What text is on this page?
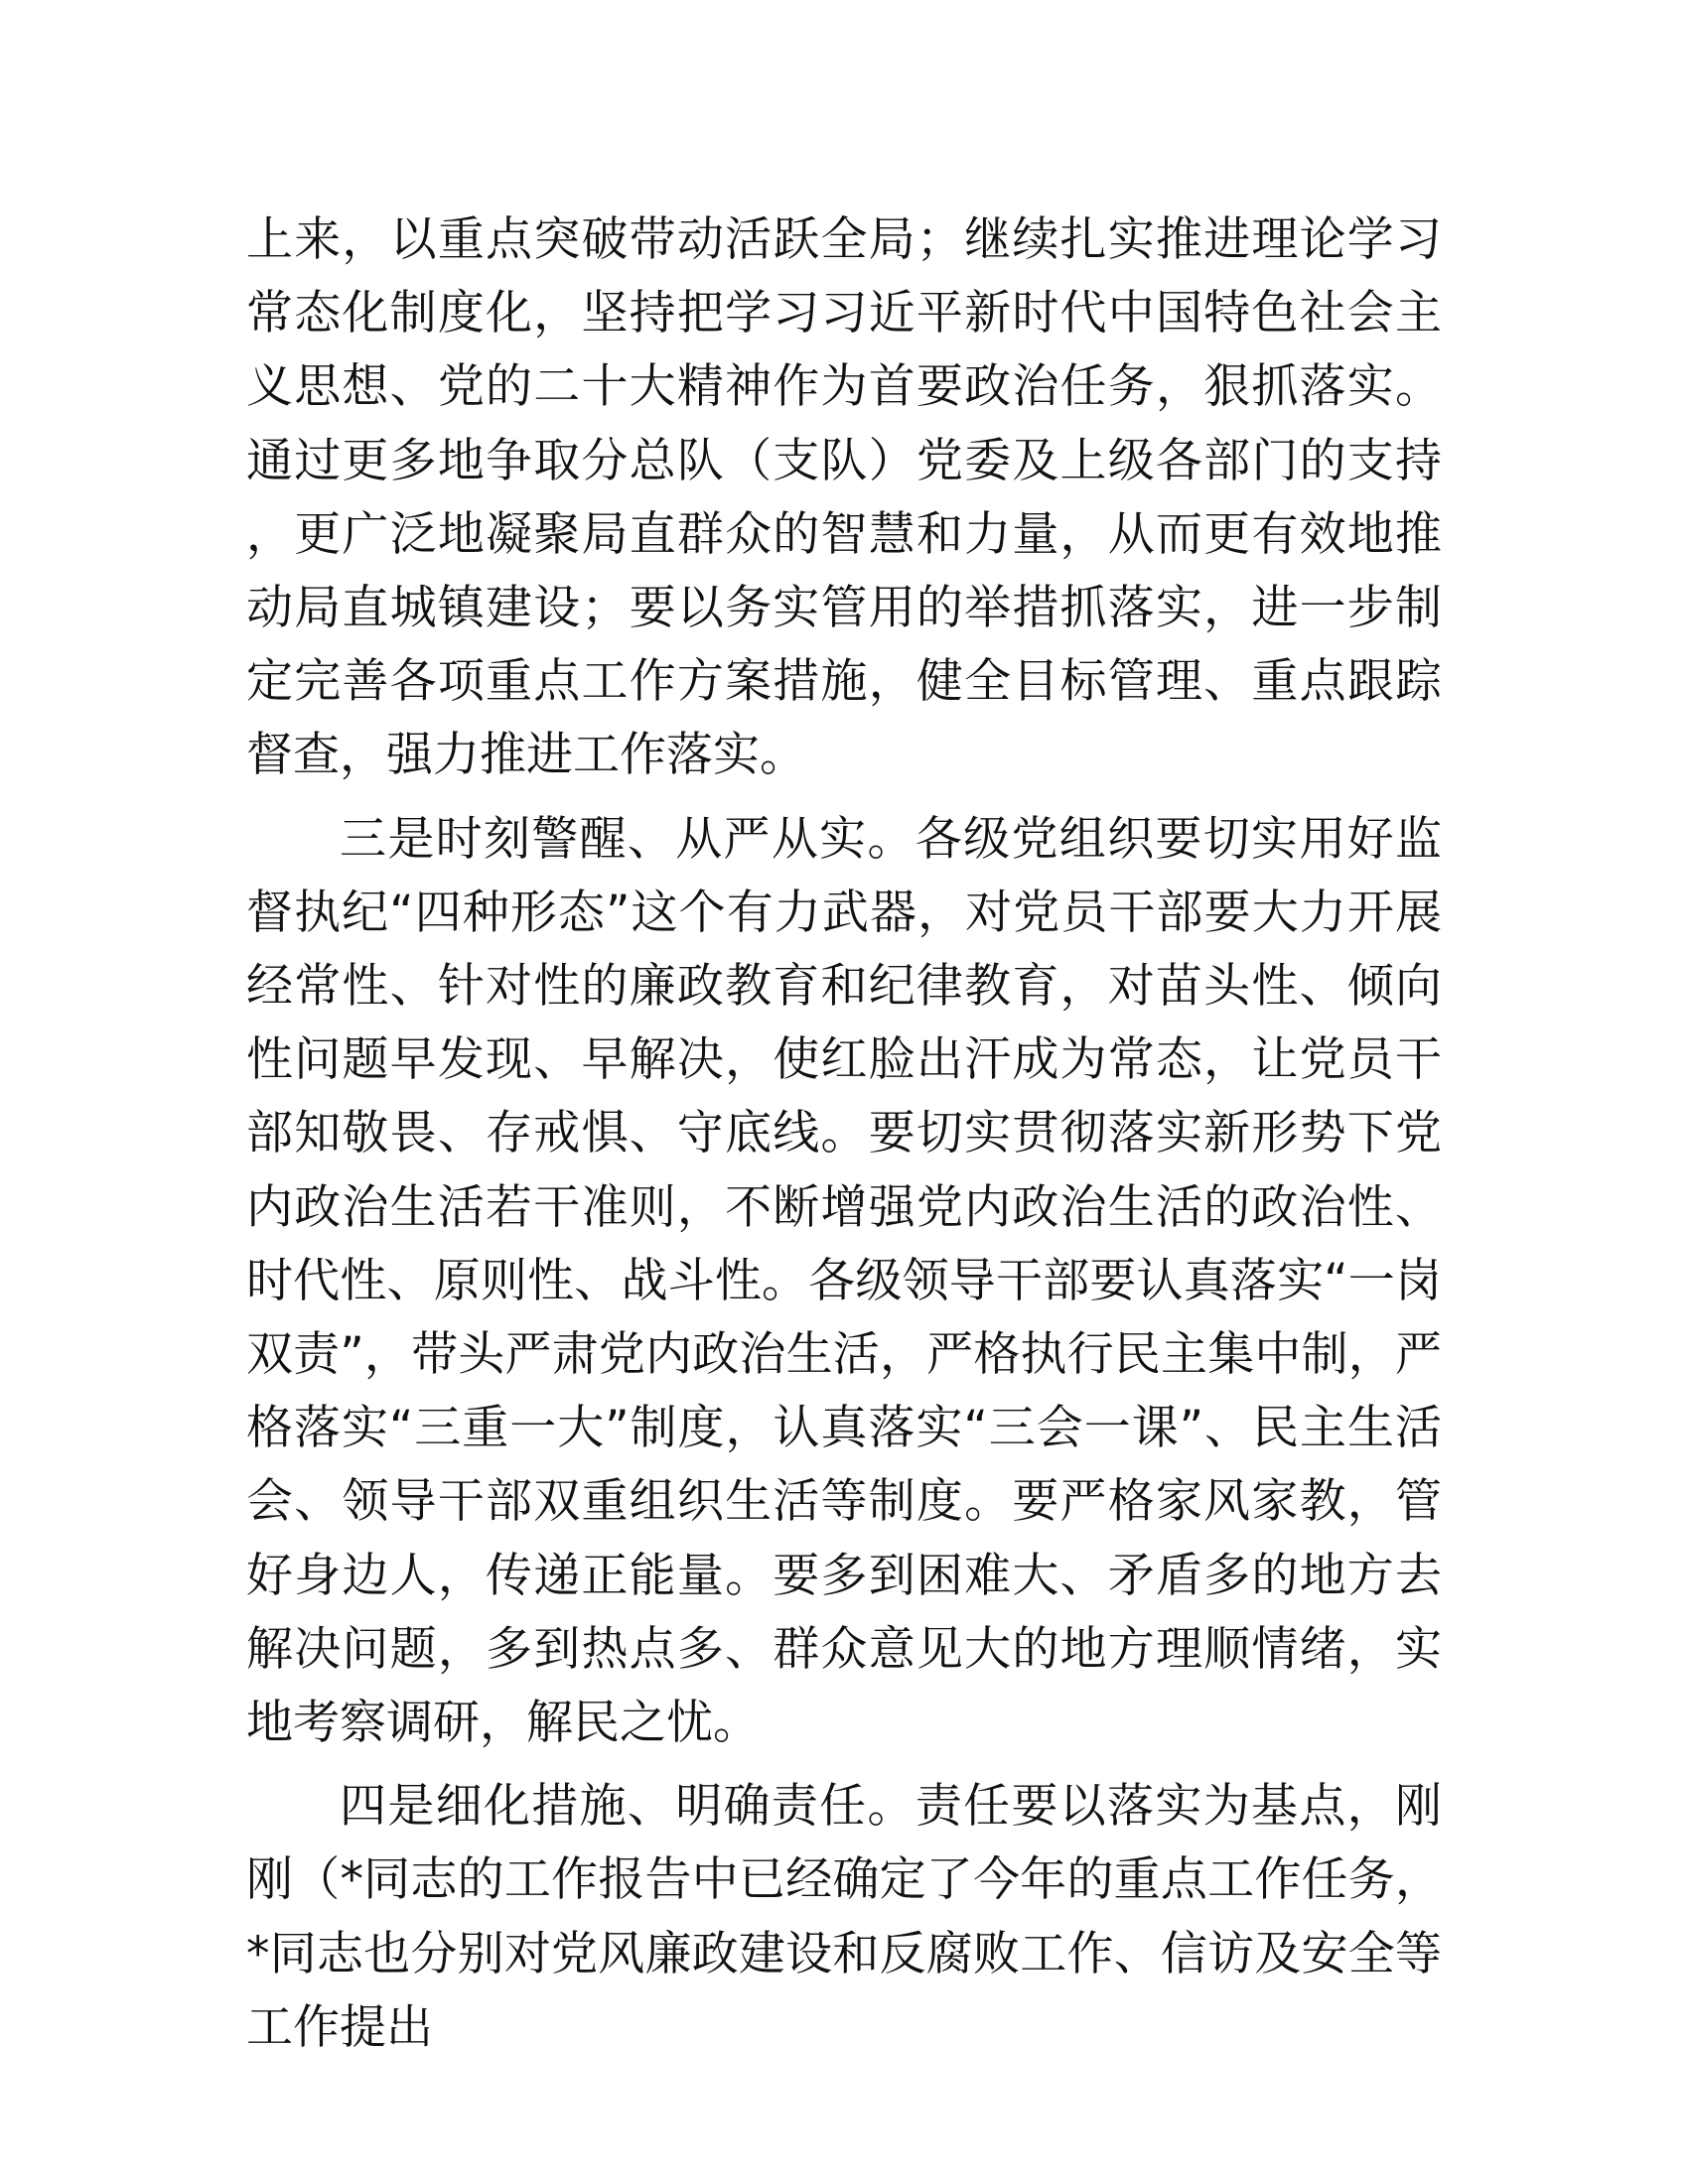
上来，以重点突破带动活跃全局；继续扎实推进理论学习常态化制度化，坚持把学习习近平新时代中国特色社会主义思想、党的二十大精神作为首要政治任务，狠抓落实。通过更多地争取分总队（支队）党委及上级各部门的支持，更广泛地凝聚局直群众的智慧和力量，从而更有效地推动局直城镇建设；要以务实管用的举措抓落实，进一步制定完善各项重点工作方案措施，健全目标管理、重点跟踪督查，强力推进工作落实。

三是时刻警醒、从严从实。各级党组织要切实用好监督执纪“四种形态”这个有力武器，对党员干部要大力开展经常性、针对性的廉政教育和纪律教育，对苗头性、倾向性问题早发现、早解决，使红脸出汗成为常态，让党员干部知敬畏、存戒惧、守底线。要切实贯彻落实新形势下党内政治生活若干准则，不断增强党内政治生活的政治性、时代性、原则性、战斗性。各级领导干部要认真落实“一岗双责”，带头严肃党内政治生活，严格执行民主集中制，严格落实“三重一大”制度，认真落实“三会一课”、民主生活会、领导干部双重组织生活等制度。要严格家风家教，管好身边人，传递正能量。要多到困难大、矛盾多的地方去解决问题，多到热点多、群众意见大的地方理顺情绪，实地考察调研，解民之忧。

四是细化措施、明确责任。责任要以落实为基点，刚刚（*同志的工作报告中已经确定了今年的重点工作任务，*同志也分别对党风廉政建设和反腐败工作、信访及安全等工作提出
